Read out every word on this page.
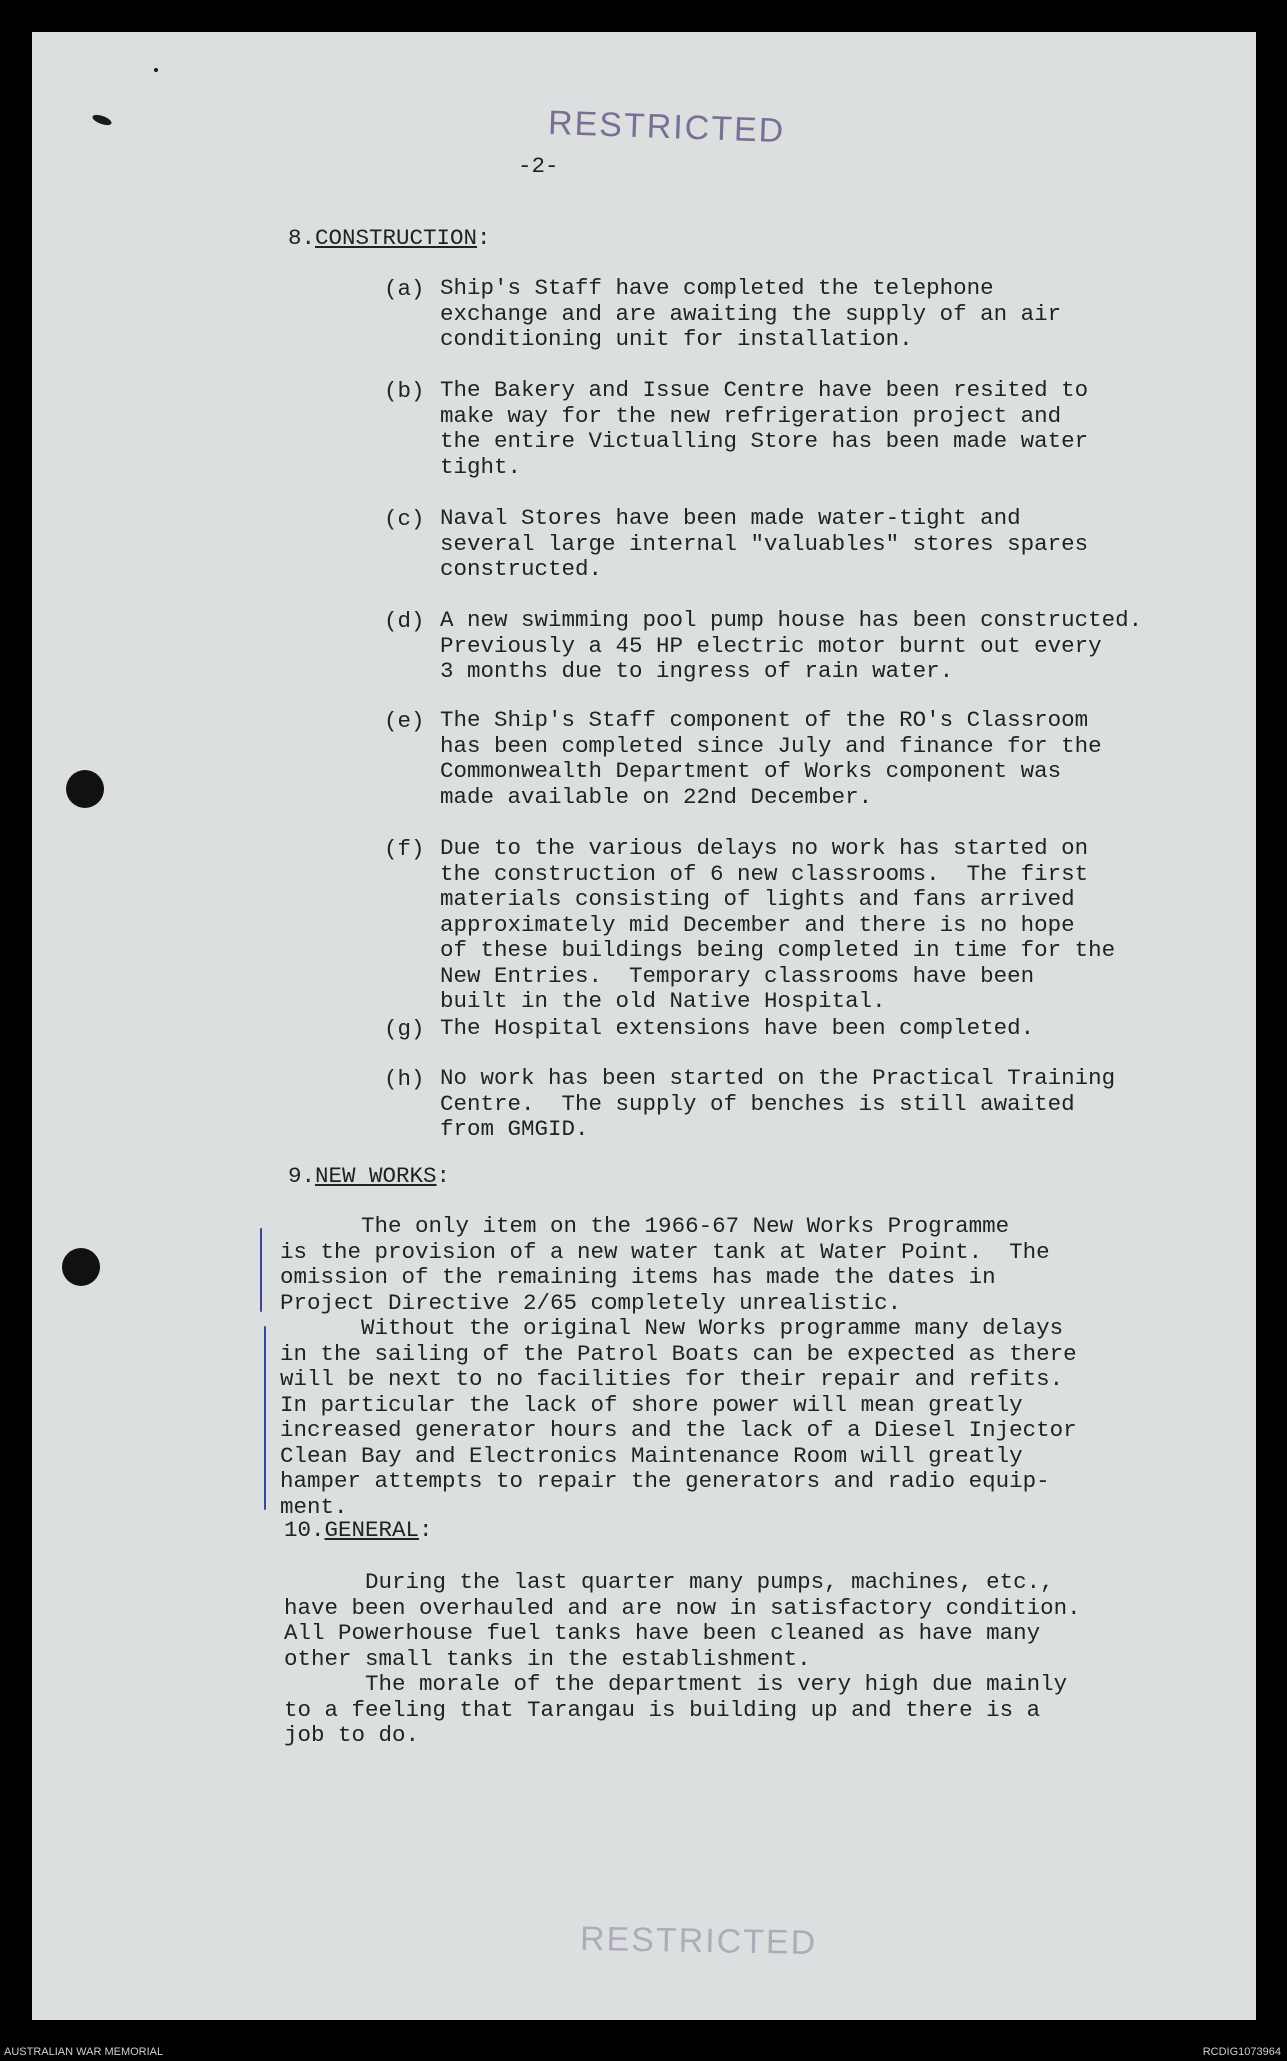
RESTRICTED
-2-
8.CONSTRUCTION:
(a) Ship's Staff have completed the telephone
exchange and are awaiting the supply of an air
conditioning unit for installation.
(b) The Bakery and Issue Centre have been resited to
make way for the new refrigeration project and
the entire Victualling Store has been made water
tight.
(c) Naval Stores have been made water-tight and
several large internal "valuables" stores spares
constructed.
(d) A new swimming pool pump house has been constructed.
Previously a 45 HP electric motor burnt out every
3 months due to ingress of rain water.
(e) The Ship's Staff component of the RO's Classroom
has been completed since July and finance for the
Commonwealth Department of Works component was
made available on 22nd December.
(f) Due to the various delays no work has started on
the construction of 6 new classrooms.  The first
materials consisting of lights and fans arrived
approximately mid December and there is no hope
of these buildings being completed in time for the
New Entries.  Temporary classrooms have been
built in the old Native Hospital.
(g) The Hospital extensions have been completed.
(h) No work has been started on the Practical Training
Centre.  The supply of benches is still awaited
from GMGID.
9.NEW WORKS:
The only item on the 1966-67 New Works Programme
is the provision of a new water tank at Water Point.  The
omission of the remaining items has made the dates in
Project Directive 2/65 completely unrealistic.
Without the original New Works programme many delays
in the sailing of the Patrol Boats can be expected as there
will be next to no facilities for their repair and refits.
In particular the lack of shore power will mean greatly
increased generator hours and the lack of a Diesel Injector
Clean Bay and Electronics Maintenance Room will greatly
hamper attempts to repair the generators and radio equip-
ment.
10.GENERAL:
During the last quarter many pumps, machines, etc.,
have been overhauled and are now in satisfactory condition.
All Powerhouse fuel tanks have been cleaned as have many
other small tanks in the establishment.
The morale of the department is very high due mainly
to a feeling that Tarangau is building up and there is a
job to do.
RESTRICTED
AUSTRALIAN WAR MEMORIAL	RCDIG1073964
